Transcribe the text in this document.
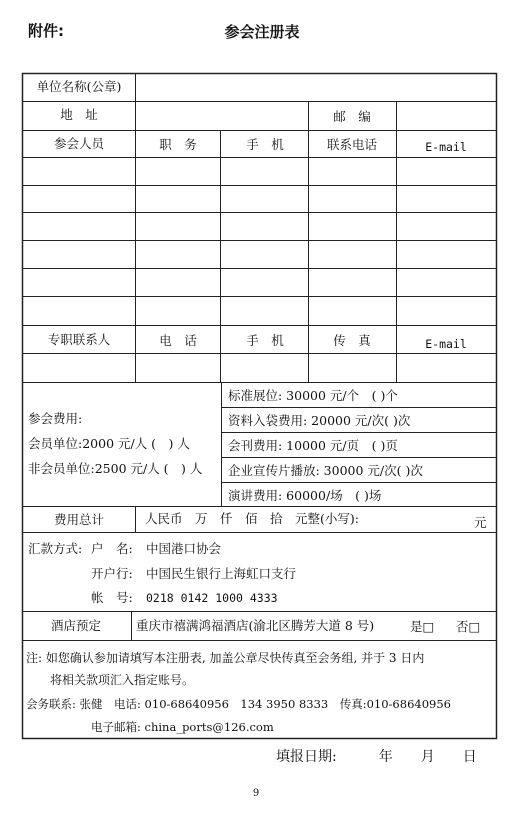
附件:	参会注册表
单位名称(公章)
地　址	邮　编
参会人员	职　务	手　机	联系电话	E-mail
专职联系人	电　话	手　机	传　真	E-mail
参会费用:
会员单位:2000 元/人 (　) 人
非会员单位:2500 元/人 (　) 人
标准展位: 30000 元/个　( )个
资料入袋费用: 20000 元/次( )次
会刊费用: 10000 元/页　( )页
企业宣传片播放: 30000 元/次( )次
演讲费用: 60000/场　( )场
费用总计	人民币　万　仟　佰　拾　元整(小写):	元
汇款方式: 户　名: 中国港口协会
开户行: 中国民生银行上海虹口支行
帐　号: 0218 0142 1000 4333
酒店预定	重庆市禧满鸿福酒店(渝北区腾芳大道 8 号)	是□ 否□
注: 如您确认参加请填写本注册表, 加盖公章尽快传真至会务组, 并于 3 日内
将相关款项汇入指定账号。
会务联系: 张健　电话: 010-68640956　134 3950 8333　传真:010-68640956
电子邮箱: china_ports@126.com
填报日期:　　　年　　月　　日
9
